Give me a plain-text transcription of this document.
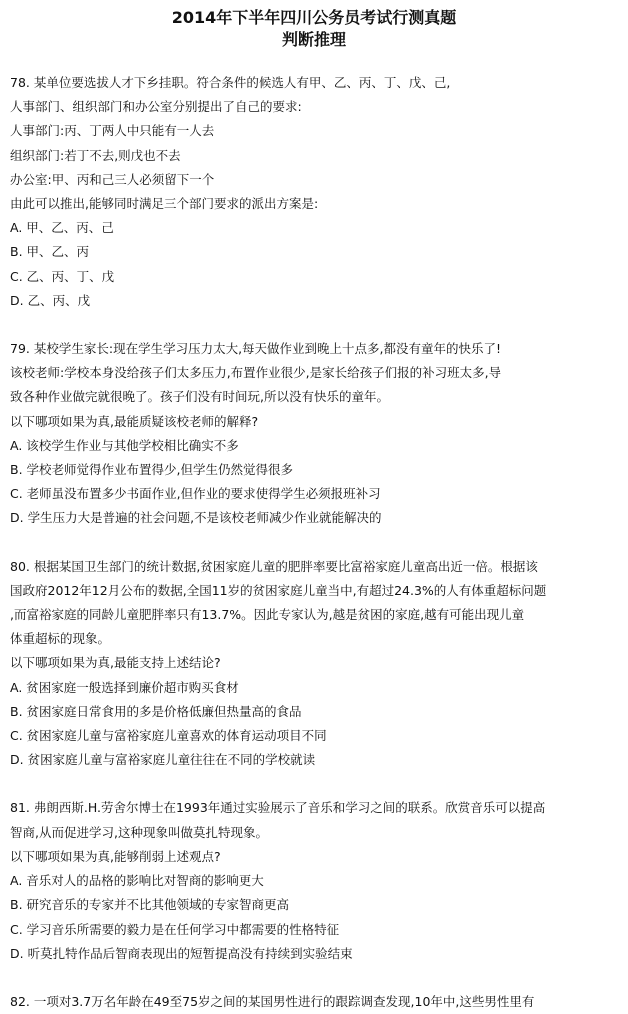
2014年下半年四川公务员考试行测真题
判断推理
78. 某单位要选拔人才下乡挂职。符合条件的候选人有甲、乙、丙、丁、戊、己,
人事部门、组织部门和办公室分别提出了自己的要求:
人事部门:丙、丁两人中只能有一人去
组织部门:若丁不去,则戊也不去
办公室:甲、丙和己三人必须留下一个
由此可以推出,能够同时满足三个部门要求的派出方案是:
A. 甲、乙、丙、己
B. 甲、乙、丙
C. 乙、丙、丁、戊
D. 乙、丙、戊
79. 某校学生家长:现在学生学习压力太大,每天做作业到晚上十点多,都没有童年的快乐了!
该校老师:学校本身没给孩子们太多压力,布置作业很少,是家长给孩子们报的补习班太多,导
致各种作业做完就很晚了。孩子们没有时间玩,所以没有快乐的童年。
以下哪项如果为真,最能质疑该校老师的解释?
A. 该校学生作业与其他学校相比确实不多
B. 学校老师觉得作业布置得少,但学生仍然觉得很多
C. 老师虽没布置多少书面作业,但作业的要求使得学生必须报班补习
D. 学生压力大是普遍的社会问题,不是该校老师减少作业就能解决的
80. 根据某国卫生部门的统计数据,贫困家庭儿童的肥胖率要比富裕家庭儿童高出近一倍。根据该
国政府2012年12月公布的数据,全国11岁的贫困家庭儿童当中,有超过24.3%的人有体重超标问题
,而富裕家庭的同龄儿童肥胖率只有13.7%。因此专家认为,越是贫困的家庭,越有可能出现儿童
体重超标的现象。
以下哪项如果为真,最能支持上述结论?
A. 贫困家庭一般选择到廉价超市购买食材
B. 贫困家庭日常食用的多是价格低廉但热量高的食品
C. 贫困家庭儿童与富裕家庭儿童喜欢的体育运动项目不同
D. 贫困家庭儿童与富裕家庭儿童往往在不同的学校就读
81. 弗朗西斯.H.劳舍尔博士在1993年通过实验展示了音乐和学习之间的联系。欣赏音乐可以提高
智商,从而促进学习,这种现象叫做莫扎特现象。
以下哪项如果为真,能够削弱上述观点?
A. 音乐对人的品格的影响比对智商的影响更大
B. 研究音乐的专家并不比其他领域的专家智商更高
C. 学习音乐所需要的毅力是在任何学习中都需要的性格特征
D. 听莫扎特作品后智商表现出的短暂提高没有持续到实验结束
82. 一项对3.7万名年龄在49至75岁之间的某国男性进行的跟踪调查发现,10年中,这些男性里有
